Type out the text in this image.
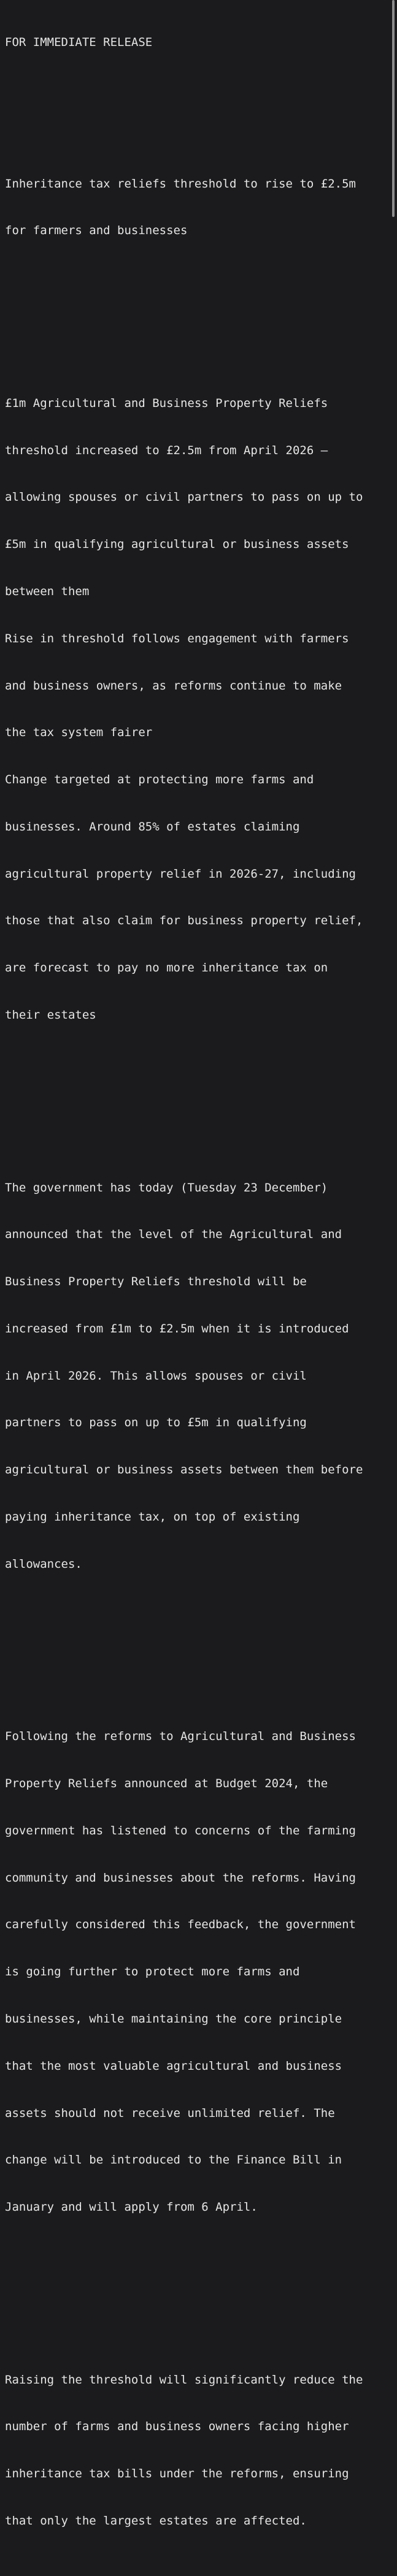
FOR IMMEDIATE RELEASE

Inheritance tax reliefs threshold to rise to £2.5m

for farmers and businesses

£1m Agricultural and Business Property Reliefs

threshold increased to £2.5m from April 2026 –

allowing spouses or civil partners to pass on up to

£5m in qualifying agricultural or business assets

between them

Rise in threshold follows engagement with farmers

and business owners, as reforms continue to make

the tax system fairer

Change targeted at protecting more farms and

businesses. Around 85% of estates claiming

agricultural property relief in 2026-27, including

those that also claim for business property relief,

are forecast to pay no more inheritance tax on

their estates

The government has today (Tuesday 23 December)

announced that the level of the Agricultural and

Business Property Reliefs threshold will be

increased from £1m to £2.5m when it is introduced

in April 2026. This allows spouses or civil

partners to pass on up to £5m in qualifying

agricultural or business assets between them before

paying inheritance tax, on top of existing

allowances.

Following the reforms to Agricultural and Business

Property Reliefs announced at Budget 2024, the

government has listened to concerns of the farming

community and businesses about the reforms. Having

carefully considered this feedback, the government

is going further to protect more farms and

businesses, while maintaining the core principle

that the most valuable agricultural and business

assets should not receive unlimited relief. The

change will be introduced to the Finance Bill in

January and will apply from 6 April.

Raising the threshold will significantly reduce the

number of farms and business owners facing higher

inheritance tax bills under the reforms, ensuring

that only the largest estates are affected.
